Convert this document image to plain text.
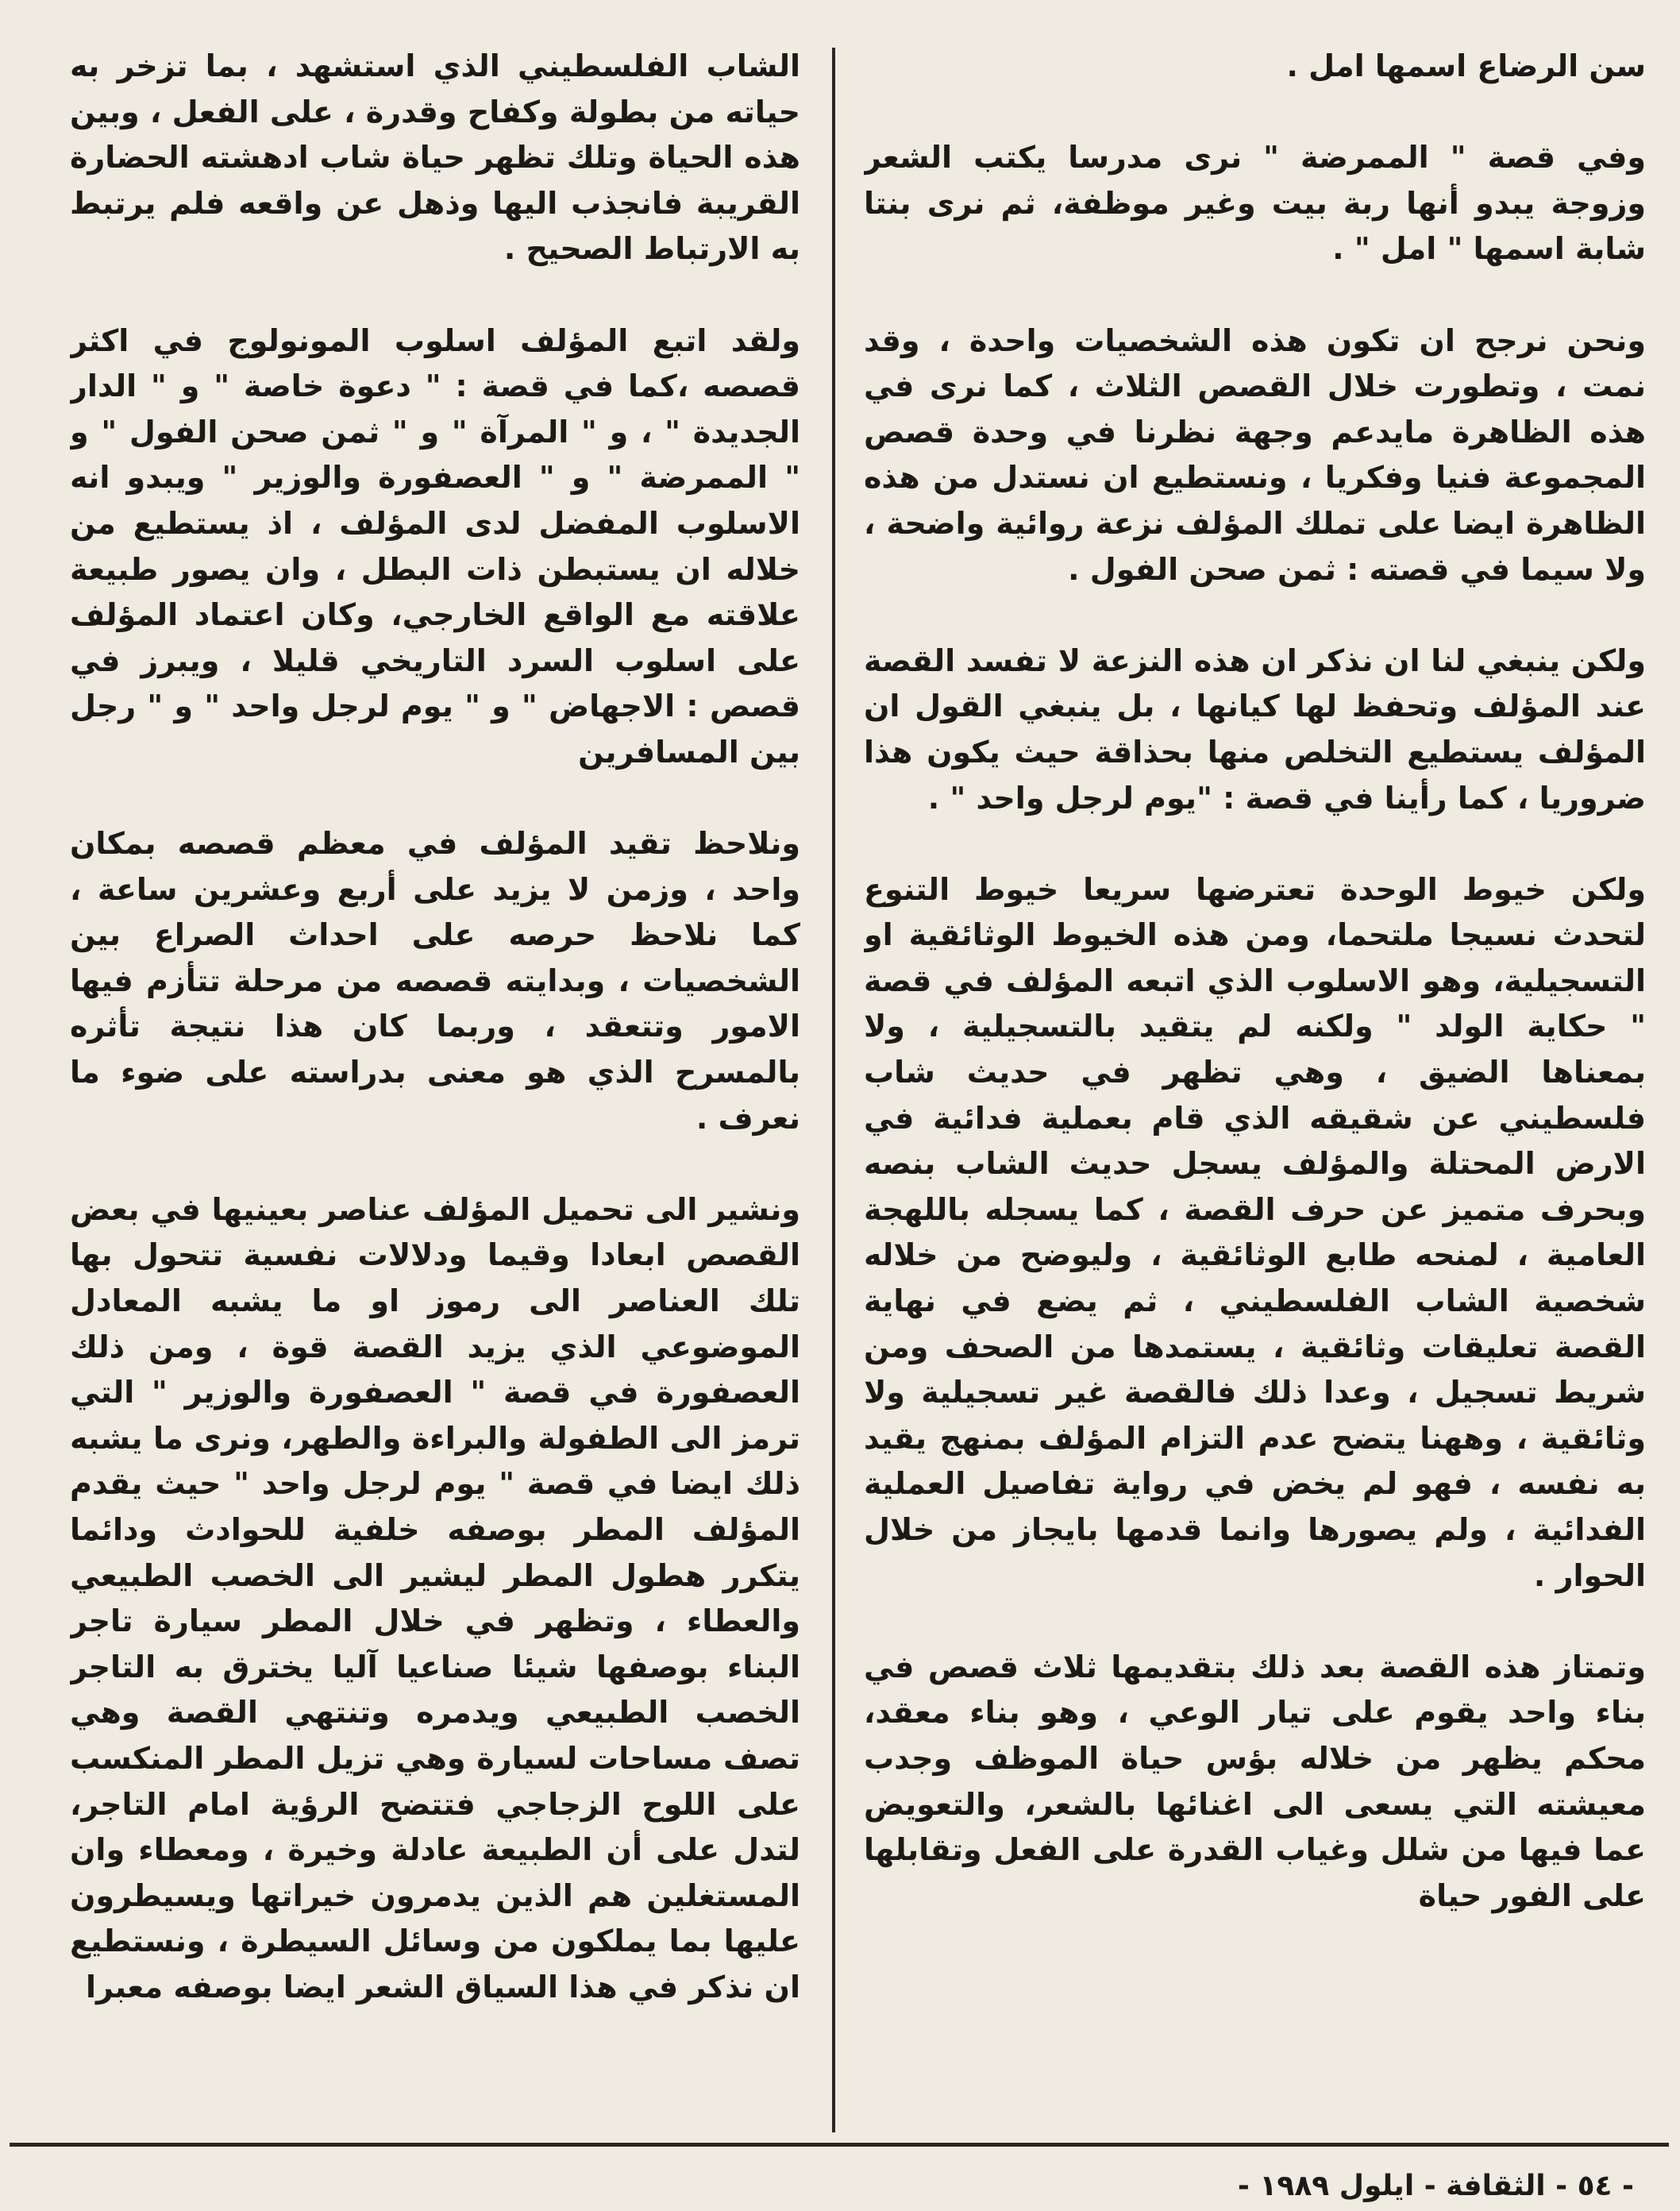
سن الرضاع اسمها امل .

وفي قصة " الممرضة " نرى مدرسا يكتب الشعر وزوجة يبدو أنها ربة بيت وغير موظفة، ثم نرى بنتا شابة اسمها " امل " .

ونحن نرجح ان تكون هذه الشخصيات واحدة ، وقد نمت ، وتطورت خلال القصص الثلاث ، كما نرى في هذه الظاهرة مايدعم وجهة نظرنا في وحدة قصص المجموعة فنيا وفكريا ، ونستطيع ان نستدل من هذه الظاهرة ايضا على تملك المؤلف نزعة روائية واضحة ، ولا سيما في قصته : ثمن صحن الفول .

ولكن ينبغي لنا ان نذكر ان هذه النزعة لا تفسد القصة عند المؤلف وتحفظ لها كيانها ، بل ينبغي القول ان المؤلف يستطيع التخلص منها بحذاقة حيث يكون هذا ضروريا ، كما رأينا في قصة : "يوم لرجل واحد " .

ولكن خيوط الوحدة تعترضها سريعا خيوط التنوع لتحدث نسيجا ملتحما، ومن هذه الخيوط الوثائقية او التسجيلية، وهو الاسلوب الذي اتبعه المؤلف في قصة " حكاية الولد " ولكنه لم يتقيد بالتسجيلية ، ولا بمعناها الضيق ، وهي تظهر في حديث شاب فلسطيني عن شقيقه الذي قام بعملية فدائية في الارض المحتلة والمؤلف يسجل حديث الشاب بنصه وبحرف متميز عن حرف القصة ، كما يسجله باللهجة العامية ، لمنحه طابع الوثائقية ، وليوضح من خلاله شخصية الشاب الفلسطيني ، ثم يضع في نهاية القصة تعليقات وثائقية ، يستمدها من الصحف ومن شريط تسجيل ، وعدا ذلك فالقصة غير تسجيلية ولا وثائقية ، وههنا يتضح عدم التزام المؤلف بمنهج يقيد به نفسه ، فهو لم يخض في رواية تفاصيل العملية الفدائية ، ولم يصورها وانما قدمها بايجاز من خلال الحوار .

وتمتاز هذه القصة بعد ذلك بتقديمها ثلاث قصص في بناء واحد يقوم على تيار الوعي ، وهو بناء معقد، محكم يظهر من خلاله بؤس حياة الموظف وجدب معيشته التي يسعى الى اغنائها بالشعر، والتعويض عما فيها من شلل وغياب القدرة على الفعل وتقابلها على الفور حياة

الشاب الفلسطيني الذي استشهد ، بما تزخر به حياته من بطولة وكفاح وقدرة ، على الفعل ، وبين هذه الحياة وتلك تظهر حياة شاب ادهشته الحضارة القريبة فانجذب اليها وذهل عن واقعه فلم يرتبط به الارتباط الصحيح .

ولقد اتبع المؤلف اسلوب المونولوج في اكثر قصصه ،كما في قصة : " دعوة خاصة " و " الدار الجديدة " ، و " المرآة " و " ثمن صحن الفول " و " الممرضة " و " العصفورة والوزير " ويبدو انه الاسلوب المفضل لدى المؤلف ، اذ يستطيع من خلاله ان يستبطن ذات البطل ، وان يصور طبيعة علاقته مع الواقع الخارجي، وكان اعتماد المؤلف على اسلوب السرد التاريخي قليلا ، ويبرز في قصص : الاجهاض " و " يوم لرجل واحد " و " رجل بين المسافرين

ونلاحظ تقيد المؤلف في معظم قصصه بمكان واحد ، وزمن لا يزيد على أربع وعشرين ساعة ، كما نلاحظ حرصه على احداث الصراع بين الشخصيات ، وبدايته قصصه من مرحلة تتأزم فيها الامور وتتعقد ، وربما كان هذا نتيجة تأثره بالمسرح الذي هو معنى بدراسته على ضوء ما نعرف .

ونشير الى تحميل المؤلف عناصر بعينيها في بعض القصص ابعادا وقيما ودلالات نفسية تتحول بها تلك العناصر الى رموز او ما يشبه المعادل الموضوعي الذي يزيد القصة قوة ، ومن ذلك العصفورة في قصة " العصفورة والوزير " التي ترمز الى الطفولة والبراءة والطهر، ونرى ما يشبه ذلك ايضا في قصة " يوم لرجل واحد " حيث يقدم المؤلف المطر بوصفه خلفية للحوادث ودائما يتكرر هطول المطر ليشير الى الخصب الطبيعي والعطاء ، وتظهر في خلال المطر سيارة تاجر البناء بوصفها شيئا صناعيا آليا يخترق به التاجر الخصب الطبيعي ويدمره وتنتهي القصة وهي تصف مساحات لسيارة وهي تزيل المطر المنكسب على اللوح الزجاجي فتتضح الرؤية امام التاجر، لتدل على أن الطبيعة عادلة وخيرة ، ومعطاء وان المستغلين هم الذين يدمرون خيراتها ويسيطرون عليها بما يملكون من وسائل السيطرة ، ونستطيع ان نذكر في هذا السياق الشعر ايضا بوصفه معبرا

- ٥٤ - الثقافة - ايلول ١٩٨٩ -
